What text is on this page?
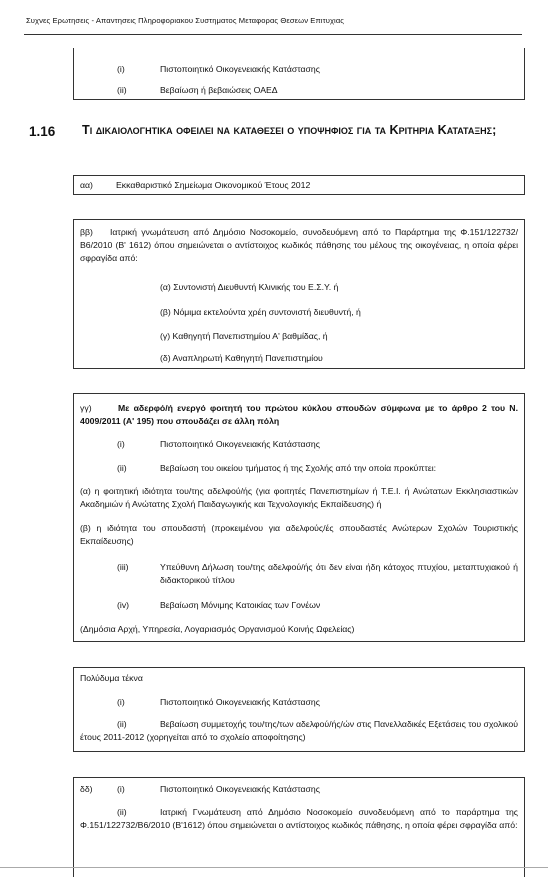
Συχνες Ερωτησεις - Απαντησεις Πληροφοριακου Συστηματος Μεταφορας Θεσεων Επιτυχιας
(i)	Πιστοποιητικό Οικογενειακής Κατάστασης
(ii)	Βεβαίωση ή βεβαιώσεις ΟΑΕΔ
1.16 Τι δικαιολογητικα οφειλει να καταθεσει ο υποψηφιος για τα Κριτηρια Καταταξης;
αα)	Εκκαθαριστικό Σημείωμα Οικονομικού Έτους 2012
ββ)	Ιατρική γνωμάτευση από Δημόσιο Νοσοκομείο, συνοδευόμενη από το Παράρτημα της Φ.151/122732/Β6/2010 (Β' 1612) όπου σημειώνεται ο αντίστοιχος κωδικός πάθησης του μέλους της οικογένειας, η οποία φέρει σφραγίδα από:
(α) Συντονιστή Διευθυντή Κλινικής του Ε.Σ.Υ. ή
(β) Νόμιμα εκτελούντα χρέη συντονιστή διευθυντή, ή
(γ) Καθηγητή Πανεπιστημίου Α' βαθμίδας, ή
(δ) Αναπληρωτή Καθηγητή Πανεπιστημίου
γγ)	Με αδερφό/ή ενεργό φοιτητή του πρώτου κύκλου σπουδών σύμφωνα με το άρθρο 2 του Ν. 4009/2011 (Α' 195) που σπουδάζει σε άλλη πόλη
(i)	Πιστοποιητικό Οικογενειακής Κατάστασης
(ii)	Βεβαίωση του οικείου τμήματος ή της Σχολής από την οποία προκύπτει:
(α) η φοιτητική ιδιότητα του/της αδελφού/ής (για φοιτητές Πανεπιστημίων ή Τ.Ε.Ι. ή Ανώτατων Εκκλησιαστικών Ακαδημιών ή Ανώτατης Σχολή Παιδαγωγικής και Τεχνολογικής Εκπαίδευσης) ή
(β) η ιδιότητα του σπουδαστή (προκειμένου για αδελφούς/ές σπουδαστές Ανώτερων Σχολών Τουριστικής Εκπαίδευσης)
(iii)	Υπεύθυνη Δήλωση του/της αδελφού/ής ότι δεν είναι ήδη κάτοχος πτυχίου, μεταπτυχιακού ή διδακτορικού τίτλου
(iv)	Βεβαίωση Μόνιμης Κατοικίας των Γονέων
(Δημόσια Αρχή, Υπηρεσία, Λογαριασμός Οργανισμού Κοινής Ωφελείας)
Πολύδυμα τέκνα
(i)	Πιστοποιητικό Οικογενειακής Κατάστασης
(ii)	Βεβαίωση συμμετοχής του/της/των αδελφού/ής/ών στις Πανελλαδικές Εξετάσεις του σχολικού έτους 2011-2012 (χορηγείται από το σχολείο αποφοίτησης)
δδ)	(i)	Πιστοποιητικό Οικογενειακής Κατάστασης
(ii)	Ιατρική Γνωμάτευση από Δημόσιο Νοσοκομείο συνοδευόμενη από το παράρτημα της Φ.151/122732/Β6/2010 (Β'1612) όπου σημειώνεται ο αντίστοιχος κωδικός πάθησης, η οποία φέρει σφραγίδα από:
